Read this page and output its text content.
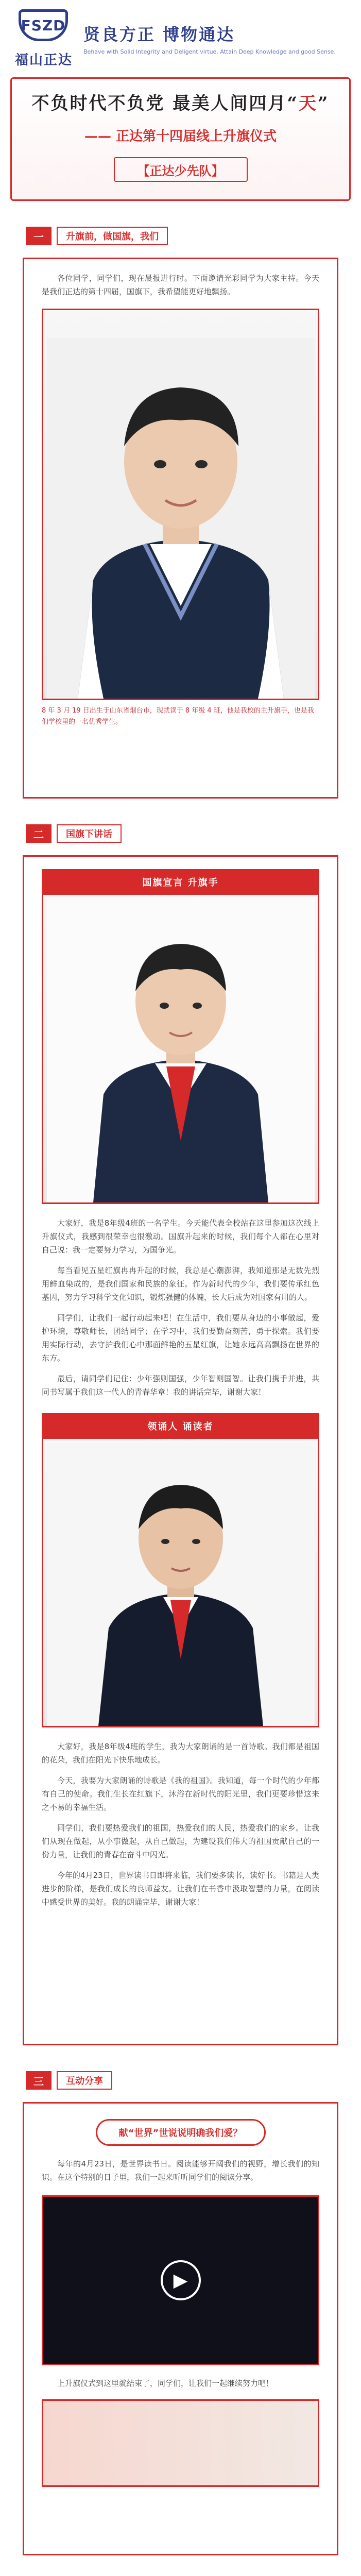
FSZD
福山正达
贤良方正 博物通达
Behave with Solid Integrity and Deligent virtue. Attain Deep Knowledge and good Sense.
不负时代不负党 最美人间四月“天”
—— 正达第十四届线上升旗仪式
【正达少先队】
一	升旗前，做国旗，我们

各位同学，同学们，现在晨报进行时。下面邀请光彩同学为大家主持。今天是我们正达的第十四届，国旗下，我希望能更好地飘扬。

8 年 3 月 19 日出生于山东省烟台市，现就读于 8 年级 4 班，他是我校的主升旗手，也是我们学校里的一名优秀学生。

二	国旗下讲话
国旗宣言 升旗手

大家好，我是8年级4班的一名学生。今天能代表全校站在这里参加这次线上升旗仪式，我感到很荣幸也很激动。国旗升起来的时候，我们每个人都在心里对自己说：我一定要努力学习，为国争光。

每当看见五星红旗冉冉升起的时候，我总是心潮澎湃，我知道那是无数先烈用鲜血染成的，是我们国家和民族的象征。作为新时代的少年，我们要传承红色基因，努力学习科学文化知识，锻炼强健的体魄，长大后成为对国家有用的人。

同学们，让我们一起行动起来吧！在生活中，我们要从身边的小事做起，爱护环境，尊敬师长，团结同学；在学习中，我们要勤奋刻苦，勇于探索。我们要用实际行动，去守护我们心中那面鲜艳的五星红旗，让她永远高高飘扬在世界的东方。

最后，请同学们记住：少年强则国强，少年智则国智。让我们携手并进，共同书写属于我们这一代人的青春华章！我的讲话完毕，谢谢大家！

领诵人 诵读者

大家好，我是8年级4班的学生，我为大家朗诵的是一首诗歌。我们都是祖国的花朵，我们在阳光下快乐地成长。

今天，我要为大家朗诵的诗歌是《我的祖国》。我知道，每一个时代的少年都有自己的使命。我们生长在红旗下，沐浴在新时代的阳光里，我们更要珍惜这来之不易的幸福生活。

同学们，我们要热爱我们的祖国，热爱我们的人民，热爱我们的家乡。让我们从现在做起，从小事做起，从自己做起，为建设我们伟大的祖国贡献自己的一份力量，让我们的青春在奋斗中闪光。

今年的4月23日，世界读书日即将来临，我们要多读书，读好书。书籍是人类进步的阶梯，是我们成长的良师益友。让我们在书香中汲取智慧的力量，在阅读中感受世界的美好。我的朗诵完毕，谢谢大家！

三	互动分享
献“世界”世说说明确我们爱？

每年的4月23日，是世界读书日。阅读能够开阔我们的视野，增长我们的知识。在这个特别的日子里，我们一起来听听同学们的阅读分享。

▶

上升旗仪式到这里就结束了，同学们，让我们一起继续努力吧！
